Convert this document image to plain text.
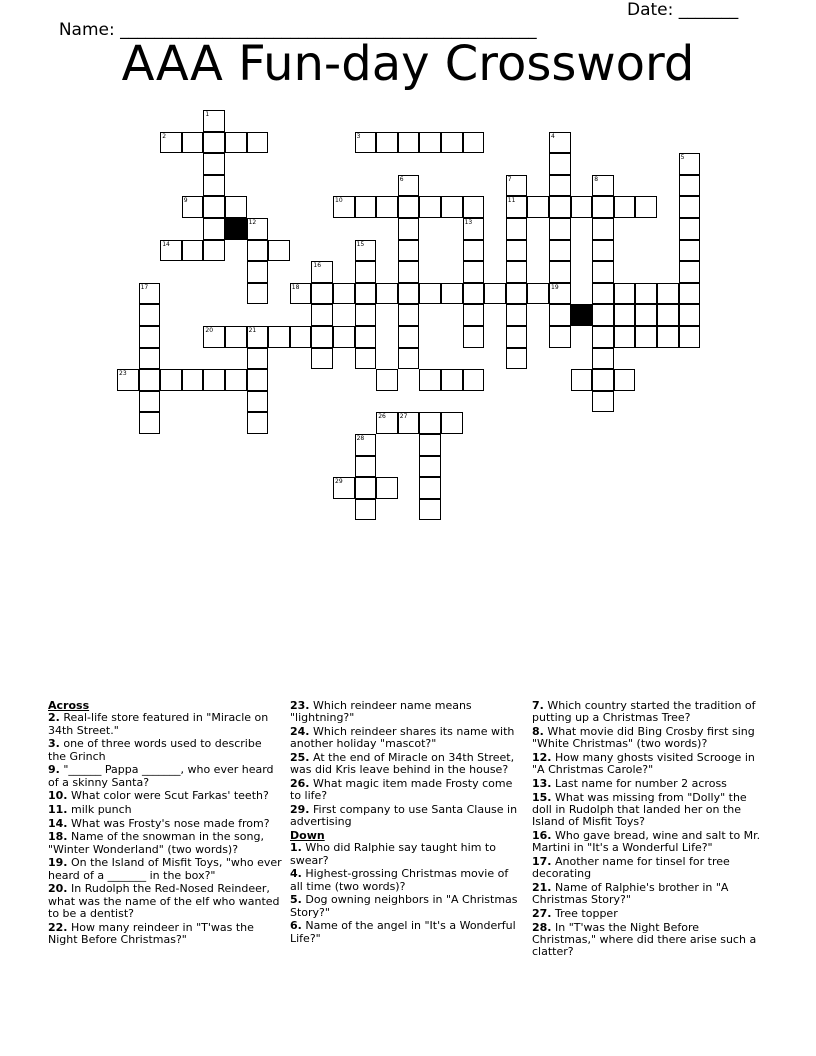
Name: _________________________________________________

Date: _______

AAA Fun-day Crossword
1
2
9
12
14
3	4
19
5
6	7
11
8
10
13
15
16
18
17
20	21
23
26 27
28
29
Across
2. Real-life store featured in "Miracle on 34th Street."
3. one of three words used to describe the Grinch
9. "______ Pappa _______, who ever heard of a skinny Santa?
10. What color were Scut Farkas' teeth?
11. milk punch
14. What was Frosty's nose made from?
18. Name of the snowman in the song, "Winter Wonderland" (two words)?
19. On the Island of Misfit Toys, "who ever heard of a _______ in the box?"
20. In Rudolph the Red-Nosed Reindeer, what was the name of the elf who wanted to be a dentist?
22. How many reindeer in "T'was the Night Before Christmas?"
23. Which reindeer name means "lightning?"
24. Which reindeer shares its name with another holiday "mascot?"
25. At the end of Miracle on 34th Street, was did Kris leave behind in the house?
26. What magic item made Frosty come to life?
29. First company to use Santa Clause in advertising
Down
1. Who did Ralphie say taught him to swear?
4. Highest-grossing Christmas movie of all time (two words)?
5. Dog owning neighbors in "A Christmas Story?"
6. Name of the angel in "It's a Wonderful Life?"
7. Which country started the tradition of putting up a Christmas Tree?
8. What movie did Bing Crosby first sing "White Christmas" (two words)?
12. How many ghosts visited Scrooge in "A Christmas Carole?"
13. Last name for number 2 across
15. What was missing from "Dolly" the doll in Rudolph that landed her on the Island of Misfit Toys?
16. Who gave bread, wine and salt to Mr. Martini in "It's a Wonderful Life?"
17. Another name for tinsel for tree decorating
21. Name of Ralphie's brother in "A Christmas Story?"
27. Tree topper
28. In "T'was the Night Before Christmas," where did there arise such a clatter?
